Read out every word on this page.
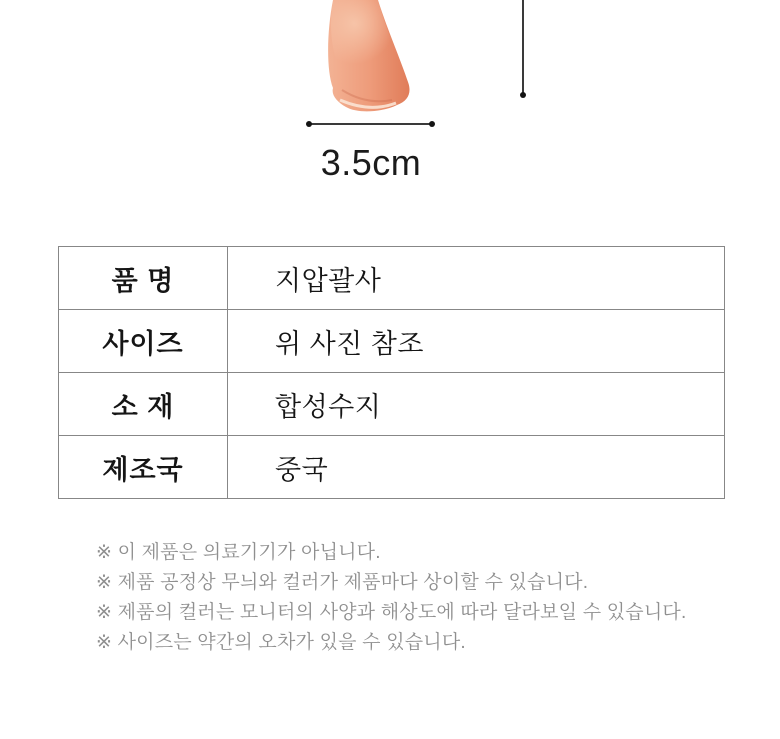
3.5cm
품 명	지압괄사
사이즈	위 사진 참조
소 재	합성수지
제조국	중국
※ 이 제품은 의료기기가 아닙니다.
※ 제품 공정상 무늬와 컬러가 제품마다 상이할 수 있습니다.
※ 제품의 컬러는 모니터의 사양과 해상도에 따라 달라보일 수 있습니다.
※ 사이즈는 약간의 오차가 있을 수 있습니다.
